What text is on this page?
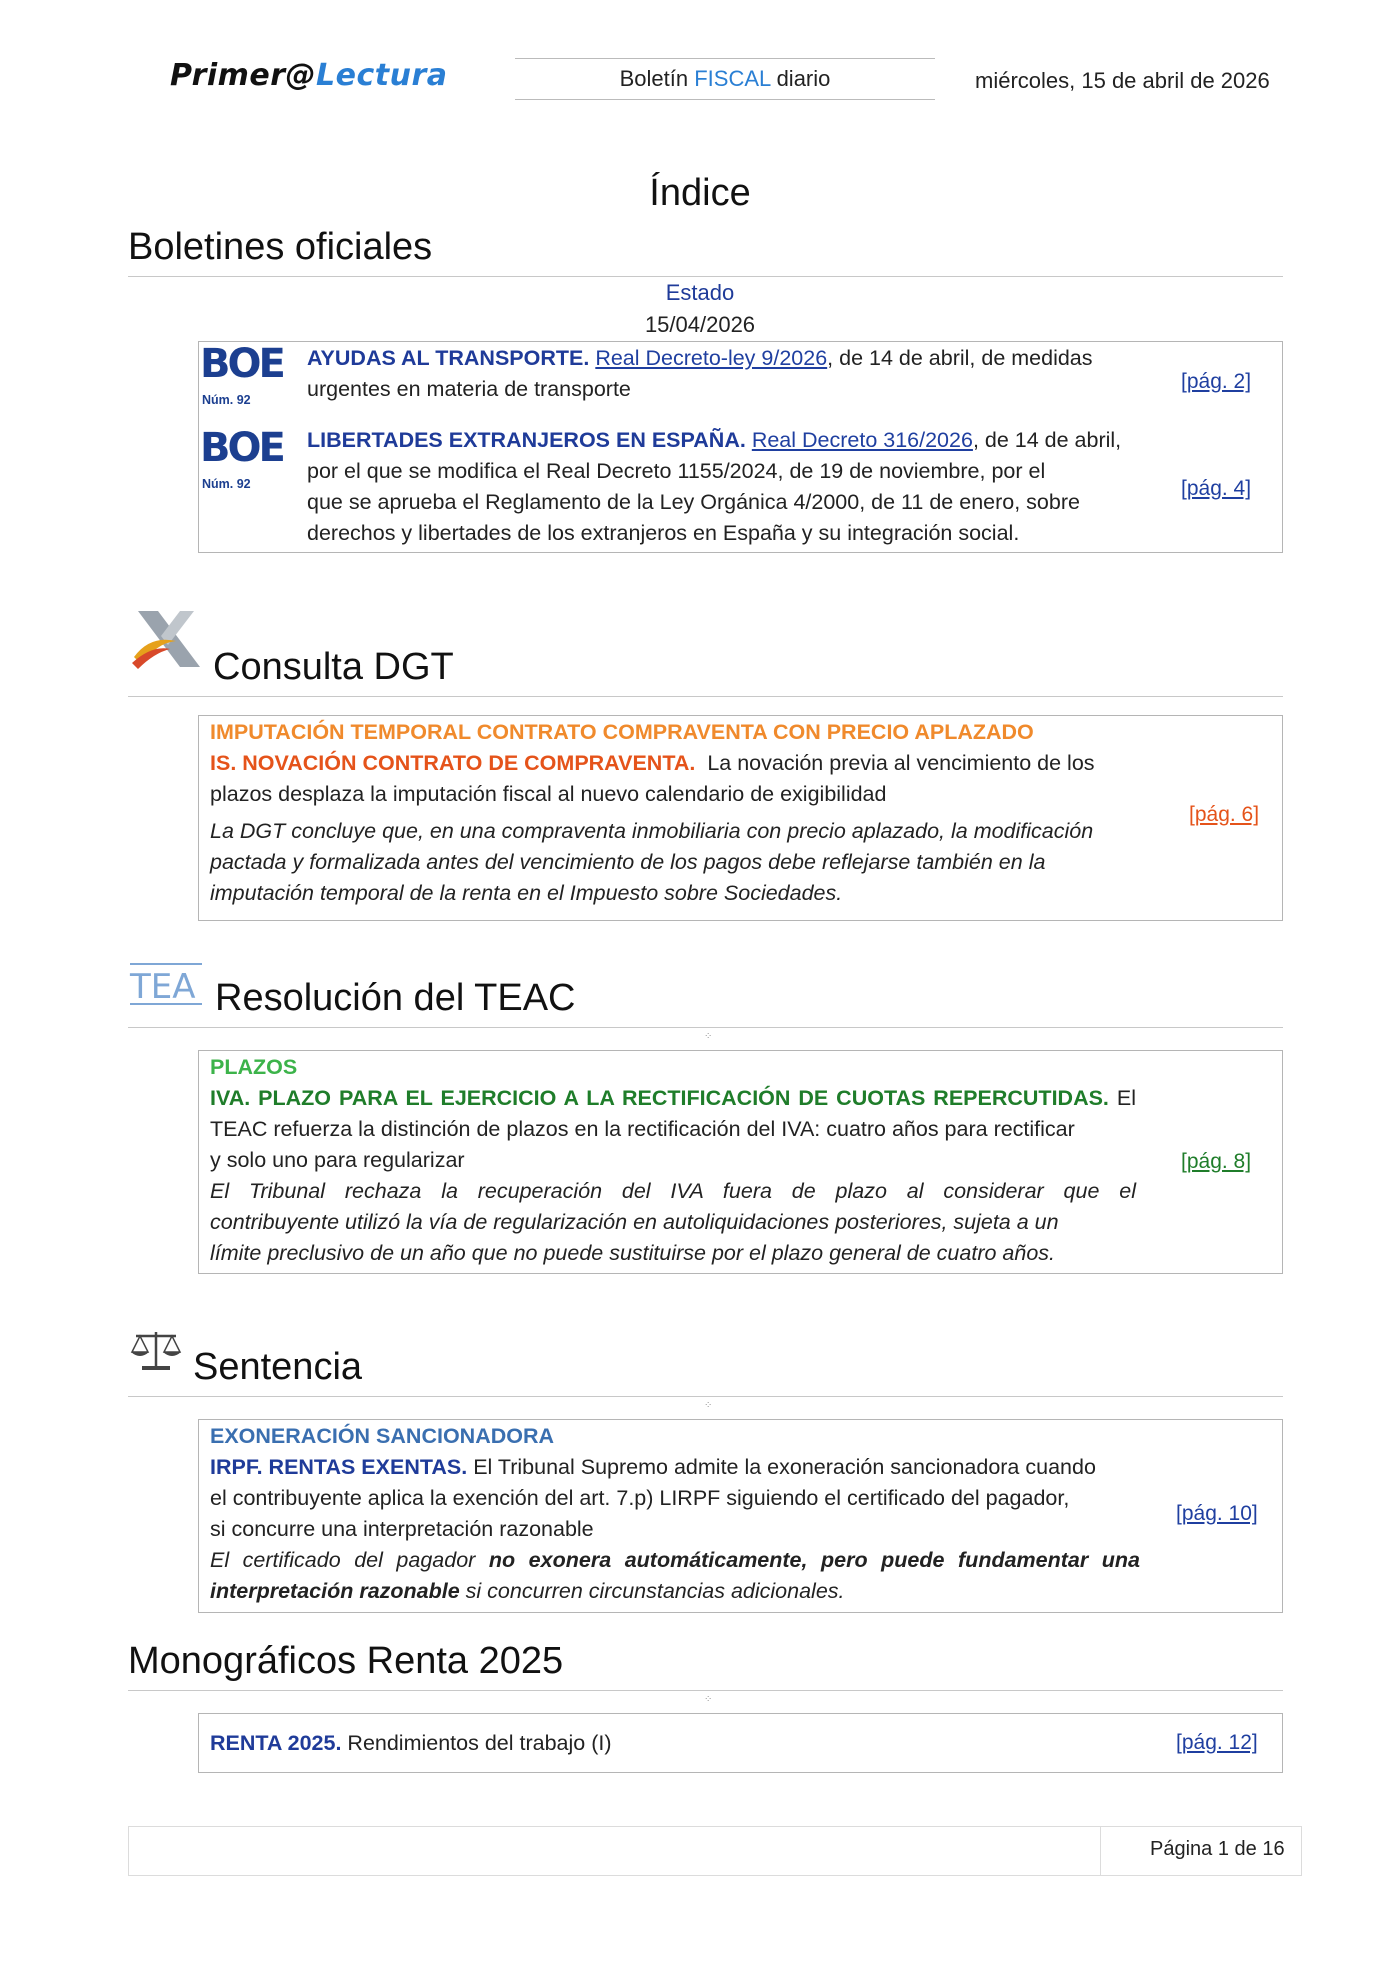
Primer@Lectura	Boletín FISCAL diario	miércoles, 15 de abril de 2026
Índice
Boletines oficiales
Estado
15/04/2026
BOE
Núm. 92
AYUDAS AL TRANSPORTE. Real Decreto-ley 9/2026, de 14 de abril, de medidas
urgentes en materia de transporte	[pág. 2]
BOE
Núm. 92
LIBERTADES EXTRANJEROS EN ESPAÑA. Real Decreto 316/2026, de 14 de abril,
por el que se modifica el Real Decreto 1155/2024, de 19 de noviembre, por el
que se aprueba el Reglamento de la Ley Orgánica 4/2000, de 11 de enero, sobre
derechos y libertades de los extranjeros en España y su integración social.
[pág. 4]
Consulta DGT
IMPUTACIÓN TEMPORAL CONTRATO COMPRAVENTA CON PRECIO APLAZADO
IS. NOVACIÓN CONTRATO DE COMPRAVENTA. La novación previa al vencimiento de los
plazos desplaza la imputación fiscal al nuevo calendario de exigibilidad
La DGT concluye que, en una compraventa inmobiliaria con precio aplazado, la modificación
pactada y formalizada antes del vencimiento de los pagos debe reflejarse también en la
imputación temporal de la renta en el Impuesto sobre Sociedades.
[pág. 6]
TEA Resolución del TEAC
⁘
PLAZOS
IVA. PLAZO PARA EL EJERCICIO A LA RECTIFICACIÓN DE CUOTAS REPERCUTIDAS. El
TEAC refuerza la distinción de plazos en la rectificación del IVA: cuatro años para rectificar
y solo uno para regularizar
El Tribunal rechaza la recuperación del IVA fuera de plazo al considerar que el
contribuyente utilizó la vía de regularización en autoliquidaciones posteriores, sujeta a un
límite preclusivo de un año que no puede sustituirse por el plazo general de cuatro años.
[pág. 8]
Sentencia
⁘
EXONERACIÓN SANCIONADORA
IRPF. RENTAS EXENTAS. El Tribunal Supremo admite la exoneración sancionadora cuando
el contribuyente aplica la exención del art. 7.p) LIRPF siguiendo el certificado del pagador,
si concurre una interpretación razonable
El certificado del pagador no exonera automáticamente, pero puede fundamentar una
interpretación razonable si concurren circunstancias adicionales.
[pág. 10]
Monográficos Renta 2025
⁘
RENTA 2025. Rendimientos del trabajo (I)	[pág. 12]
Página 1 de 16
